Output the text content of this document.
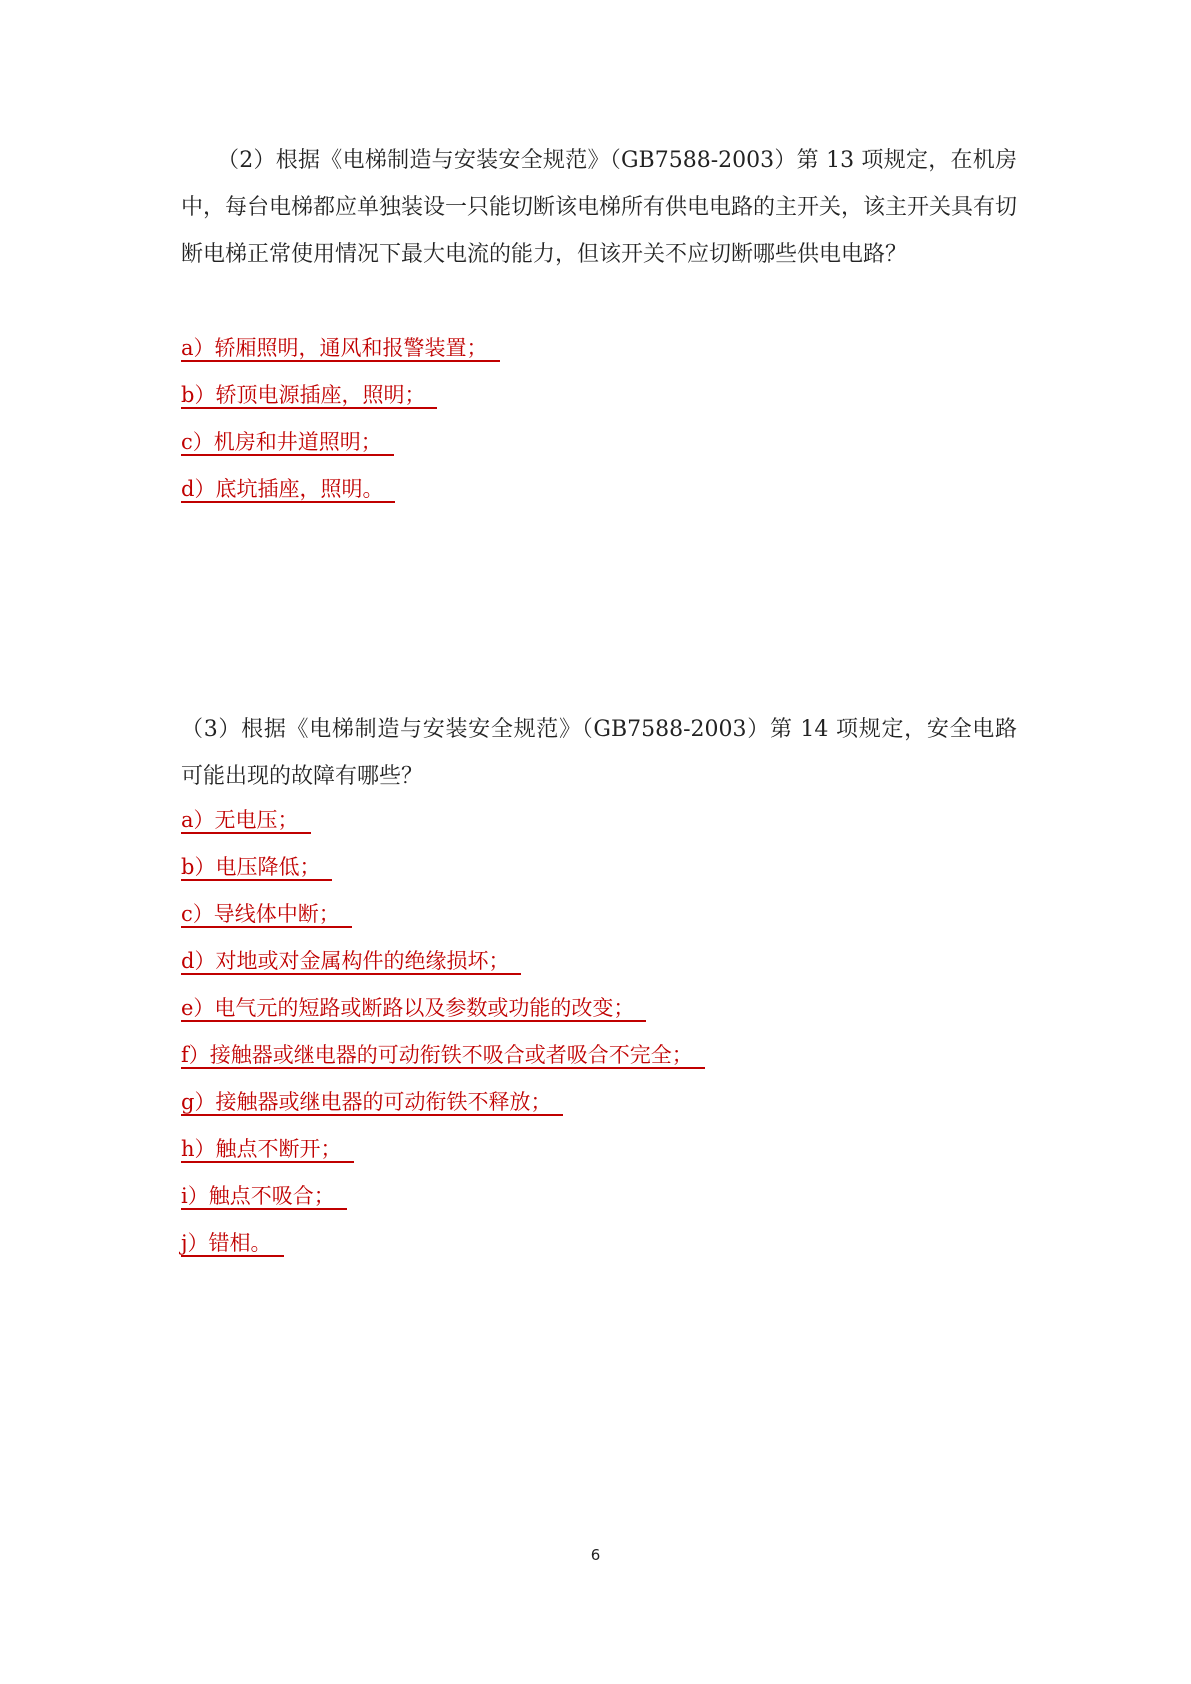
（2）根据《电梯制造与安装安全规范》（GB7588-2003）第 13 项规定，在机房中，每台电梯都应单独装设一只能切断该电梯所有供电电路的主开关，该主开关具有切断电梯正常使用情况下最大电流的能力，但该开关不应切断哪些供电电路？

a）轿厢照明，通风和报警装置；
b）轿顶电源插座，照明；
c）机房和井道照明；
d）底坑插座，照明。

（3）根据《电梯制造与安装安全规范》（GB7588-2003）第 14 项规定，安全电路可能出现的故障有哪些？

a）无电压；
b）电压降低；
c）导线体中断；
d）对地或对金属构件的绝缘损坏；
e）电气元的短路或断路以及参数或功能的改变；
f）接触器或继电器的可动衔铁不吸合或者吸合不完全；
g）接触器或继电器的可动衔铁不释放；
h）触点不断开；
i）触点不吸合；
j）错相。
6
